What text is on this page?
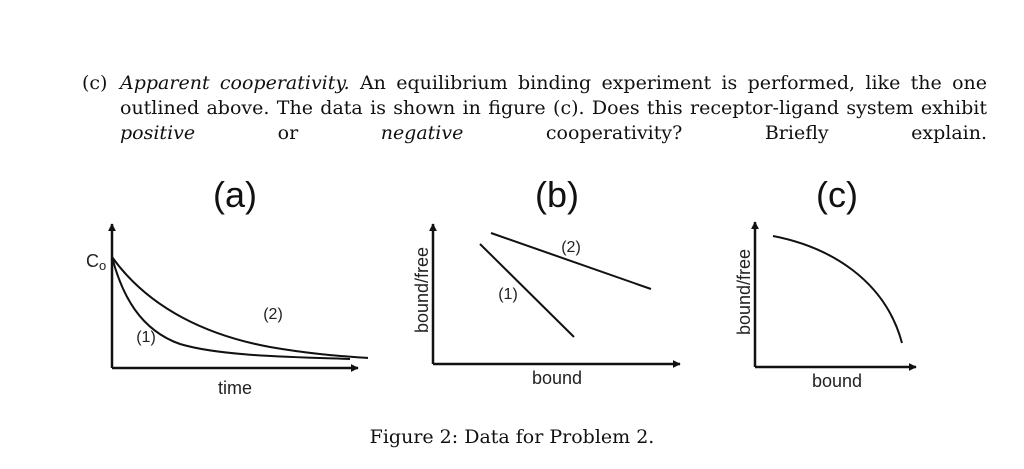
(c) Apparent cooperativity. An equilibrium binding experiment is performed, like the one outlined above. The data is shown in figure (c). Does this receptor-ligand system exhibit positive or negative cooperativity? Briefly explain.
(a)
Co
(1)
(2)
time
(b)
bound/free	(1)
(2)
bound
(c)
bound/free
bound
Figure 2: Data for Problem 2.
